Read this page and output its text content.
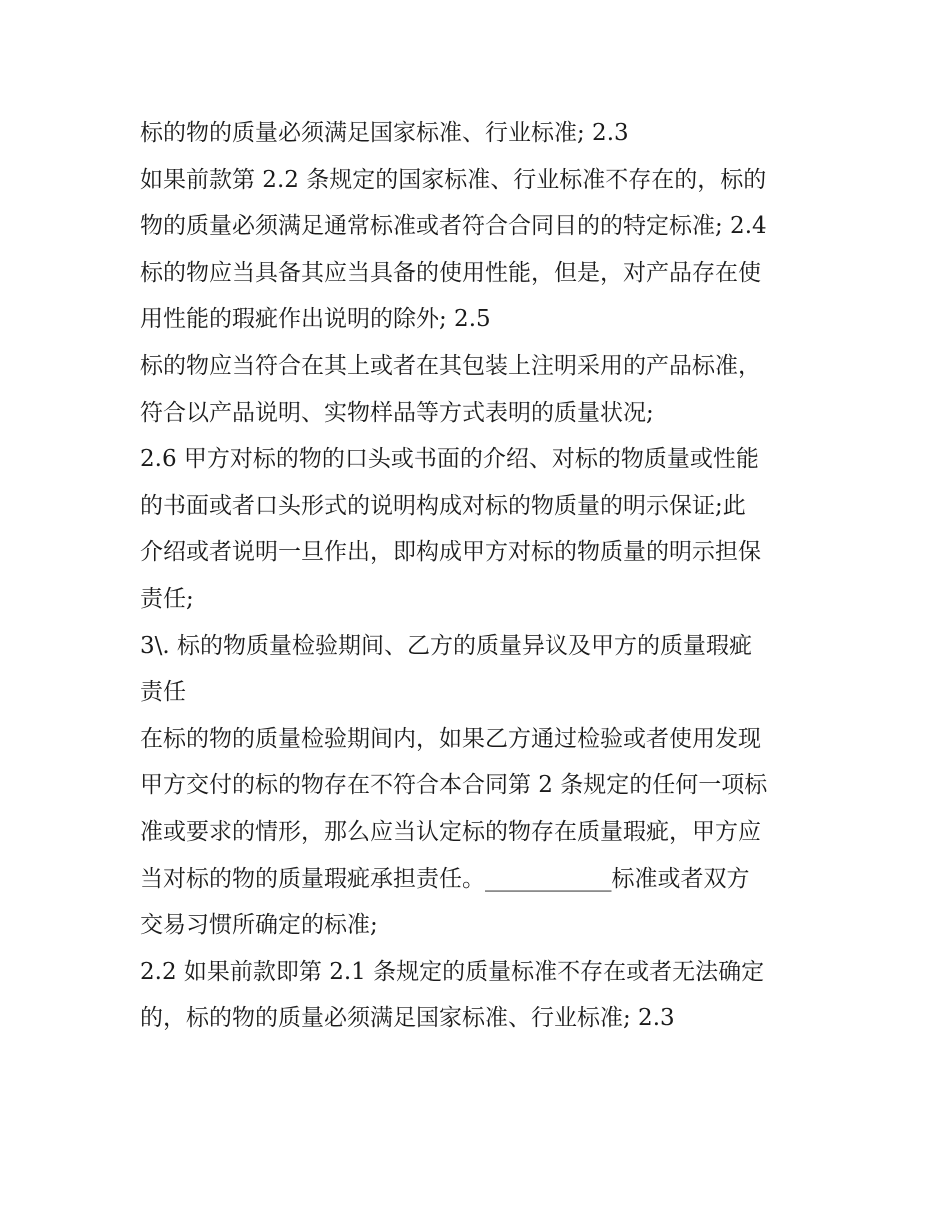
标的物的质量必须满足国家标准、行业标准; 2.3

如果前款第 2.2 条规定的国家标准、行业标准不存在的，标的

物的质量必须满足通常标准或者符合合同目的的特定标准; 2.4

标的物应当具备其应当具备的使用性能，但是，对产品存在使

用性能的瑕疵作出说明的除外; 2.5

标的物应当符合在其上或者在其包装上注明采用的产品标准，

符合以产品说明、实物样品等方式表明的质量状况;

2.6 甲方对标的物的口头或书面的介绍、对标的物质量或性能

的书面或者口头形式的说明构成对标的物质量的明示保证;此

介绍或者说明一旦作出，即构成甲方对标的物质量的明示担保

责任;

3\. 标的物质量检验期间、乙方的质量异议及甲方的质量瑕疵

责任

在标的物的质量检验期间内，如果乙方通过检验或者使用发现

甲方交付的标的物存在不符合本合同第 2 条规定的任何一项标

准或要求的情形，那么应当认定标的物存在质量瑕疵，甲方应

当对标的物的质量瑕疵承担责任。___________标准或者双方

交易习惯所确定的标准;

2.2 如果前款即第 2.1 条规定的质量标准不存在或者无法确定

的，标的物的质量必须满足国家标准、行业标准; 2.3
